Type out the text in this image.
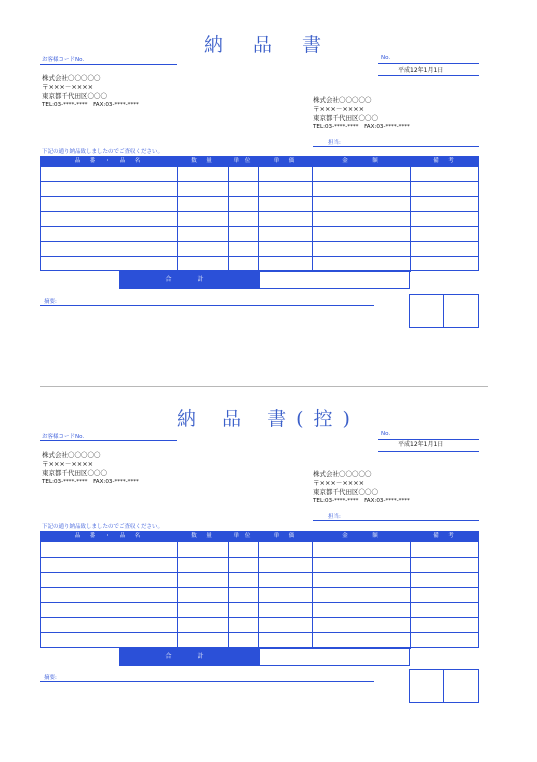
納 品 書
お客様コードNo.	No.
平成12年1月1日
株式会社〇〇〇〇〇
〒×××－××××
東京都千代田区〇〇〇
TEL:03-****-****　FAX:03-****-****
株式会社〇〇〇〇〇
〒×××－××××
東京都千代田区〇〇〇
TEL:03-****-****　FAX:03-****-****
担当:
下記の通り納品致しましたのでご査収ください。
品　番　・　品　名	数　量	単 位	単　価	金　　　額	備　考
合　計
摘要:
納 品 書(控)
お客様コードNo.	No.
平成12年1月1日
株式会社〇〇〇〇〇
〒×××－××××
東京都千代田区〇〇〇
TEL:03-****-****　FAX:03-****-****
株式会社〇〇〇〇〇
〒×××－××××
東京都千代田区〇〇〇
TEL:03-****-****　FAX:03-****-****
担当:
下記の通り納品致しましたのでご査収ください。
品　番　・　品　名	数　量	単 位	単　価	金　　　額	備　考
合　計
摘要:
